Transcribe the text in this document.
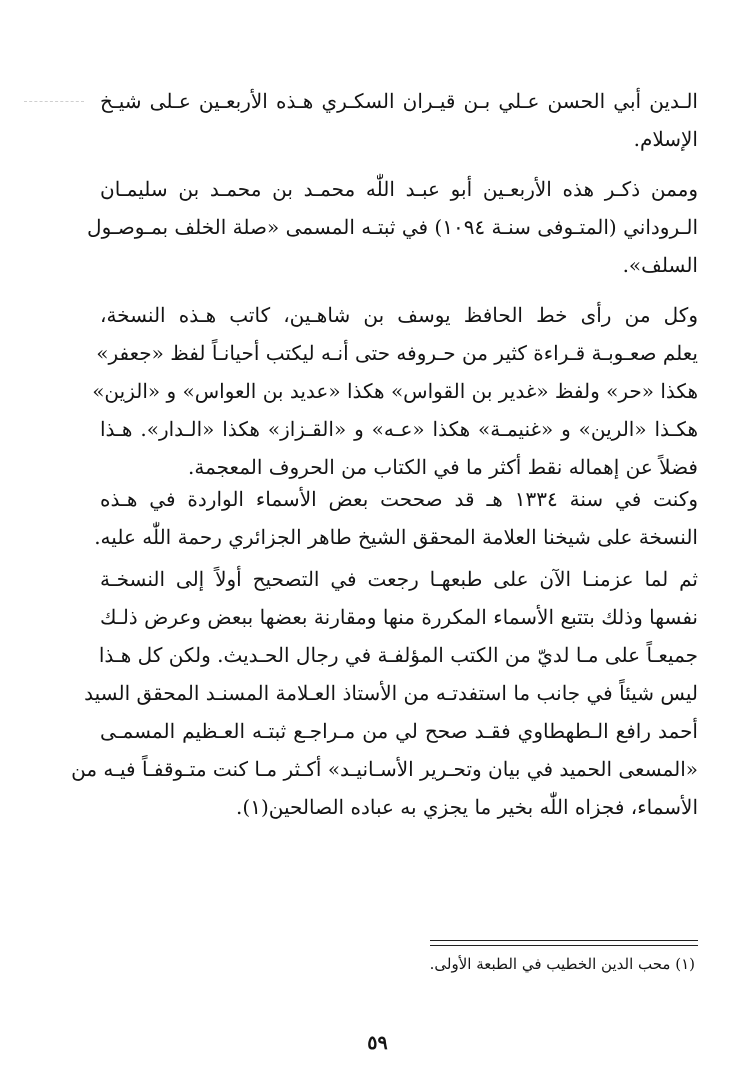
الـدين أبي الحسن عـلي بـن قيـران السكـري هـذه الأربعـين عـلى شيـخ
الإسلام.
وممن ذكـر هذه الأربعـين أبو عبـد اللّٰه محمـد بن محمـد بن سليمـان
الـروداني (المتـوفى سنـة ١٠٩٤) في ثبتـه المسمى «صلة الخلف بمـوصـول
السلف».
وكل من رأى خط الحافظ يوسف بن شاهـين، كاتب هـذه النسخة،
يعلم صعـوبـة قـراءة كثير من حـروفه حتى أنـه ليكتب أحيانـاً لفظ «جعفر»
هكذا «حر» ولفظ «غدير بن القواس» هكذا «عديد بن العواس» و «الزين»
هكـذا «الرين» و «غنيمـة» هكذا «عـه» و «القـزاز» هكذا «الـدار». هـذا
فضلاً عن إهماله نقط أكثر ما في الكتاب من الحروف المعجمة.
وكنت في سنة ١٣٣٤ هـ قد صححت بعض الأسماء الواردة في هـذه
النسخة على شيخنا العلامة المحقق الشيخ طاهر الجزائري رحمة اللّٰه عليه.
ثم لما عزمنـا الآن على طبعهـا رجعت في التصحيح أولاً إلى النسخـة
نفسها وذلك بتتبع الأسماء المكررة منها ومقارنة بعضها ببعض وعرض ذلـك
جميعـاً على مـا لديّ من الكتب المؤلفـة في رجال الحـديث. ولكن كل هـذا
ليس شيئاً في جانب ما استفدتـه من الأستاذ العـلامة المسنـد المحقق السيد
أحمد رافع الـطهطاوي فقـد صحح لي من مـراجـع ثبتـه العـظيم المسمـى
«المسعى الحميد في بيان وتحـرير الأسـانيـد» أكـثر مـا كنت متـوقفـاً فيـه من
الأسماء، فجزاه اللّٰه بخير ما يجزي به عباده الصالحين(١).
(١) محب الدين الخطيب في الطبعة الأولى.
٥٩
